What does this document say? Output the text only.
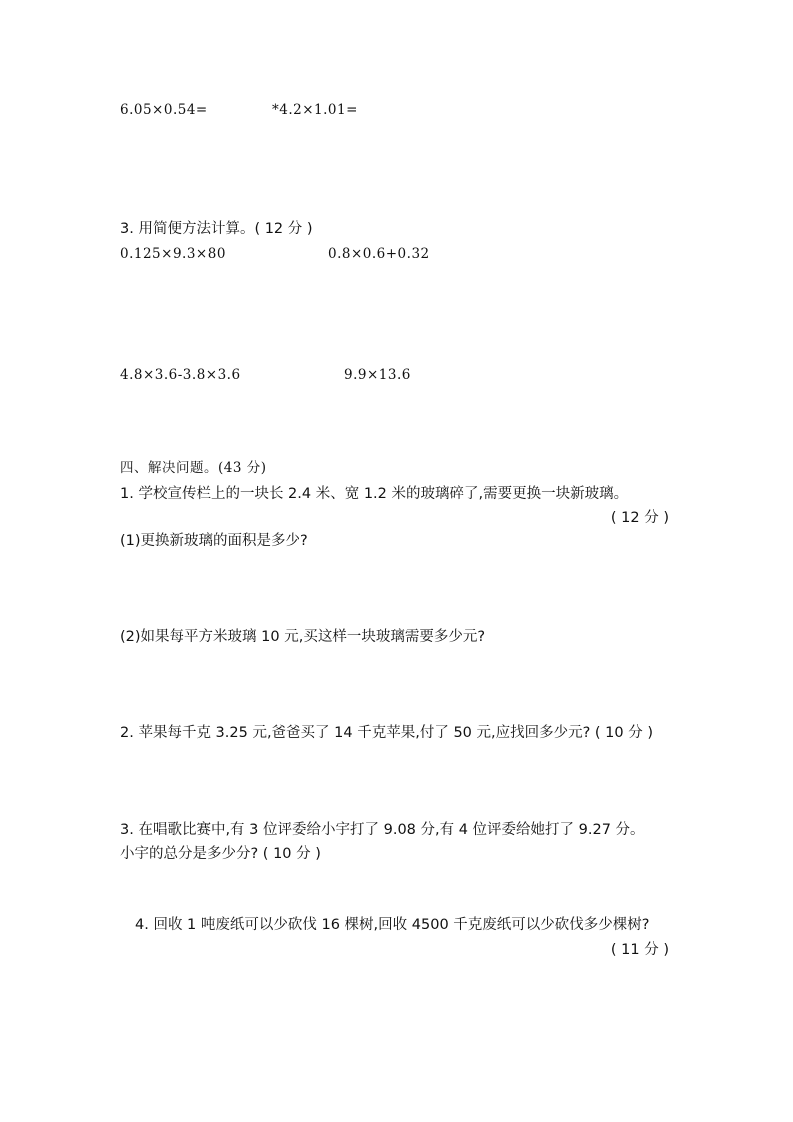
6.05×0.54=	*4.2×1.01=
3. 用简便方法计算。( 12 分 )
0.125×9.3×80	0.8×0.6+0.32
4.8×3.6-3.8×3.6	9.9×13.6
四、解决问题。(43 分)
1. 学校宣传栏上的一块长 2.4 米、宽 1.2 米的玻璃碎了,需要更换一块新玻璃。
( 12 分 )
(1)更换新玻璃的面积是多少?
(2)如果每平方米玻璃 10 元,买这样一块玻璃需要多少元?
2. 苹果每千克 3.25 元,爸爸买了 14 千克苹果,付了 50 元,应找回多少元? ( 10 分 )
3. 在唱歌比赛中,有 3 位评委给小宇打了 9.08 分,有 4 位评委给她打了 9.27 分。
小宇的总分是多少分? ( 10 分 )
4. 回收 1 吨废纸可以少砍伐 16 棵树,回收 4500 千克废纸可以少砍伐多少棵树?
( 11 分 )
